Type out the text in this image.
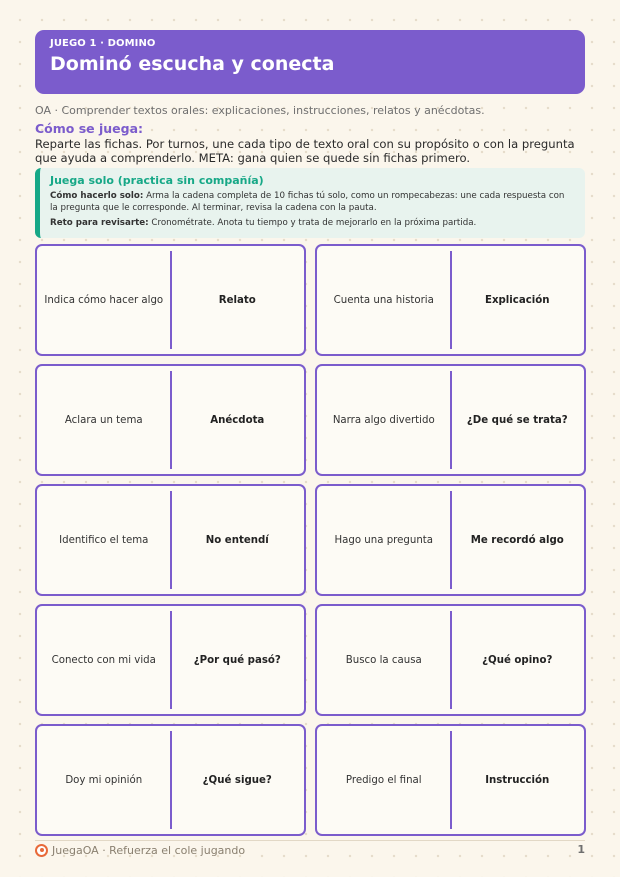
JUEGO 1 · DOMINO
Dominó escucha y conecta
OA · Comprender textos orales: explicaciones, instrucciones, relatos y anécdotas.
Cómo se juega:
Reparte las fichas. Por turnos, une cada tipo de texto oral con su propósito o con la pregunta que ayuda a comprenderlo. META: gana quien se quede sin fichas primero.
Juega solo (practica sin compañía)
Cómo hacerlo solo: Arma la cadena completa de 10 fichas tú solo, como un rompecabezas: une cada respuesta con la pregunta que le corresponde. Al terminar, revisa la cadena con la pauta.
Reto para revisarte: Cronométrate. Anota tu tiempo y trata de mejorarlo en la próxima partida.
Indica cómo hacer algo	Relato	Cuenta una historia	Explicación
Aclara un tema	Anécdota	Narra algo divertido	¿De qué se trata?
Identifico el tema	No entendí	Hago una pregunta	Me recordó algo
Conecto con mi vida	¿Por qué pasó?	Busco la causa	¿Qué opino?
Doy mi opinión	¿Qué sigue?	Predigo el final	Instrucción
JuegaOA · Refuerza el cole jugando	1
